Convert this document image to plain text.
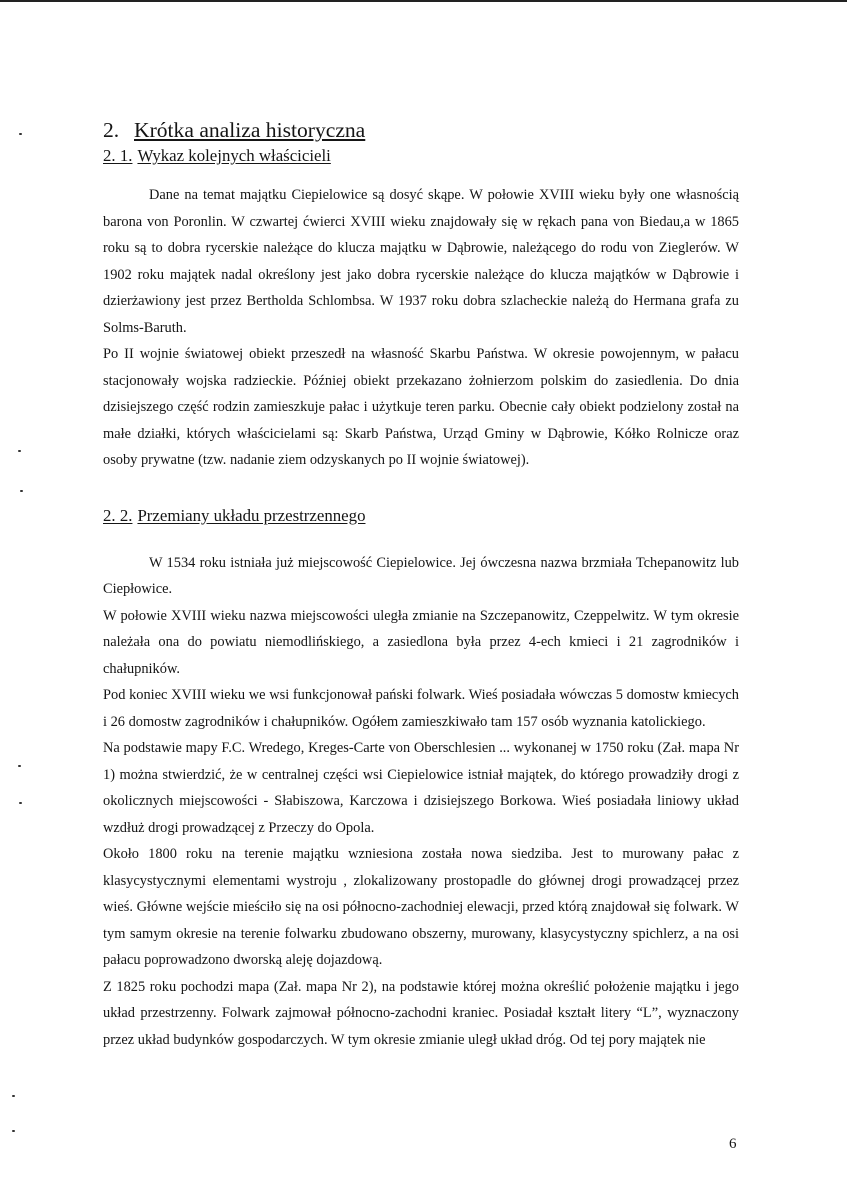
2. Krótka analiza historyczna
2. 1. Wykaz kolejnych właścicieli

Dane na temat majątku Ciepielowice są dosyć skąpe. W połowie XVIII wieku były one własnością barona von Poronlin. W czwartej ćwierci XVIII wieku znajdowały się w rękach pana von Biedau,a w 1865 roku są to dobra rycerskie należące do klucza majątku w Dąbrowie, należącego do rodu von Zieglerów. W 1902 roku majątek nadal określony jest jako dobra rycerskie należące do klucza majątków w Dąbrowie i dzierżawiony jest przez Bertholda Schlombsa. W 1937 roku dobra szlacheckie należą do Hermana grafa zu Solms-Baruth.

Po II wojnie światowej obiekt przeszedł na własność Skarbu Państwa. W okresie powojennym, w pałacu stacjonowały wojska radzieckie. Później obiekt przekazano żołnierzom polskim do zasiedlenia. Do dnia dzisiejszego część rodzin zamieszkuje pałac i użytkuje teren parku. Obecnie cały obiekt podzielony został na małe działki, których właścicielami są: Skarb Państwa, Urząd Gminy w Dąbrowie, Kółko Rolnicze oraz osoby prywatne (tzw. nadanie ziem odzyskanych po II wojnie światowej).

2. 2. Przemiany układu przestrzennego

W 1534 roku istniała już miejscowość Ciepielowice. Jej ówczesna nazwa brzmiała Tchepanowitz lub Ciepłowice.

W połowie XVIII wieku nazwa miejscowości uległa zmianie na Szczepanowitz, Czeppelwitz. W tym okresie należała ona do powiatu niemodlińskiego, a zasiedlona była przez 4-ech kmieci i 21 zagrodników i chałupników.

Pod koniec XVIII wieku we wsi funkcjonował pański folwark. Wieś posiadała wówczas 5 domostw kmiecych i 26 domostw zagrodników i chałupników. Ogółem zamieszkiwało tam 157 osób wyznania katolickiego.

Na podstawie mapy F.C. Wredego, Kreges-Carte von Oberschlesien ... wykonanej w 1750 roku (Zał. mapa Nr 1) można stwierdzić, że w centralnej części wsi Ciepielowice istniał majątek, do którego prowadziły drogi z okolicznych miejscowości - Słabiszowa, Karczowa i dzisiejszego Borkowa. Wieś posiadała liniowy układ wzdłuż drogi prowadzącej z Przeczy do Opola.

Około 1800 roku na terenie majątku wzniesiona została nowa siedziba. Jest to murowany pałac z klasycystycznymi elementami wystroju , zlokalizowany prostopadle do głównej drogi prowadzącej przez wieś. Główne wejście mieściło się na osi północno-zachodniej elewacji, przed którą znajdował się folwark. W tym samym okresie na terenie folwarku zbudowano obszerny, murowany, klasycystyczny spichlerz, a na osi pałacu poprowadzono dworską aleję dojazdową.

Z 1825 roku pochodzi mapa (Zał. mapa Nr 2), na podstawie której można określić położenie majątku i jego układ przestrzenny. Folwark zajmował północno-zachodni kraniec. Posiadał kształt litery “L”, wyznaczony przez układ budynków gospodarczych. W tym okresie zmianie uległ układ dróg. Od tej pory majątek nie

6
